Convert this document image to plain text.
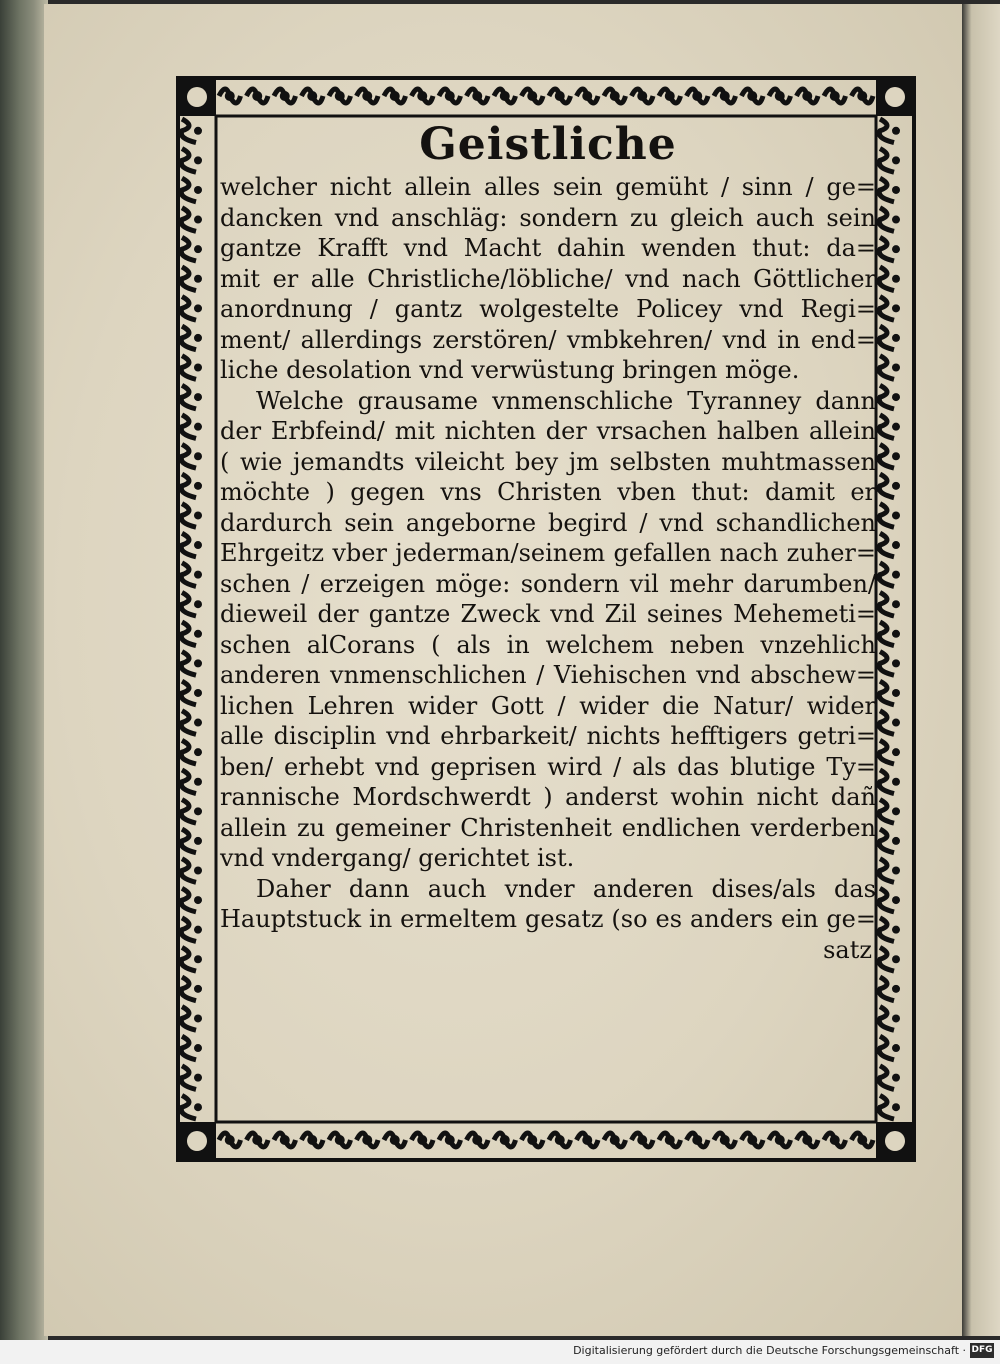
Geistliche
welcher nicht allein alles sein gemüht / sinn / ge=
dancken vnd anschläg: sondern zu gleich auch sein
gantze Krafft vnd Macht dahin wenden thut: da=
mit er alle Christliche/löbliche/ vnd nach Göttlicher
anordnung / gantz wolgestelte Policey vnd Regi=
ment/ allerdings zerstören/ vmbkehren/ vnd in end=
liche desolation vnd verwüstung bringen möge.
Welche grausame vnmenschliche Tyranney dann
der Erbfeind/ mit nichten der vrsachen halben allein
( wie jemandts vileicht bey jm selbsten muhtmassen
möchte ) gegen vns Christen vben thut: damit er
dardurch sein angeborne begird / vnd schandlichen
Ehrgeitz vber jederman/seinem gefallen nach zuher=
schen / erzeigen möge: sondern vil mehr darumben/
dieweil der gantze Zweck vnd Zil seines Mehemeti=
schen alCorans ( als in welchem neben vnzehlich
anderen vnmenschlichen / Viehischen vnd abschew=
lichen Lehren wider Gott / wider die Natur/ wider
alle disciplin vnd ehrbarkeit/ nichts hefftigers getri=
ben/ erhebt vnd geprisen wird / als das blutige Ty=
rannische Mordschwerdt ) anderst wohin nicht dañ
allein zu gemeiner Christenheit endlichen verderben
vnd vndergang/ gerichtet ist.
Daher dann auch vnder anderen dises/als das
Hauptstuck in ermeltem gesatz (so es anders ein ge=
satz
Digitalisierung gefördert durch die Deutsche Forschungsgemeinschaft · DFG
